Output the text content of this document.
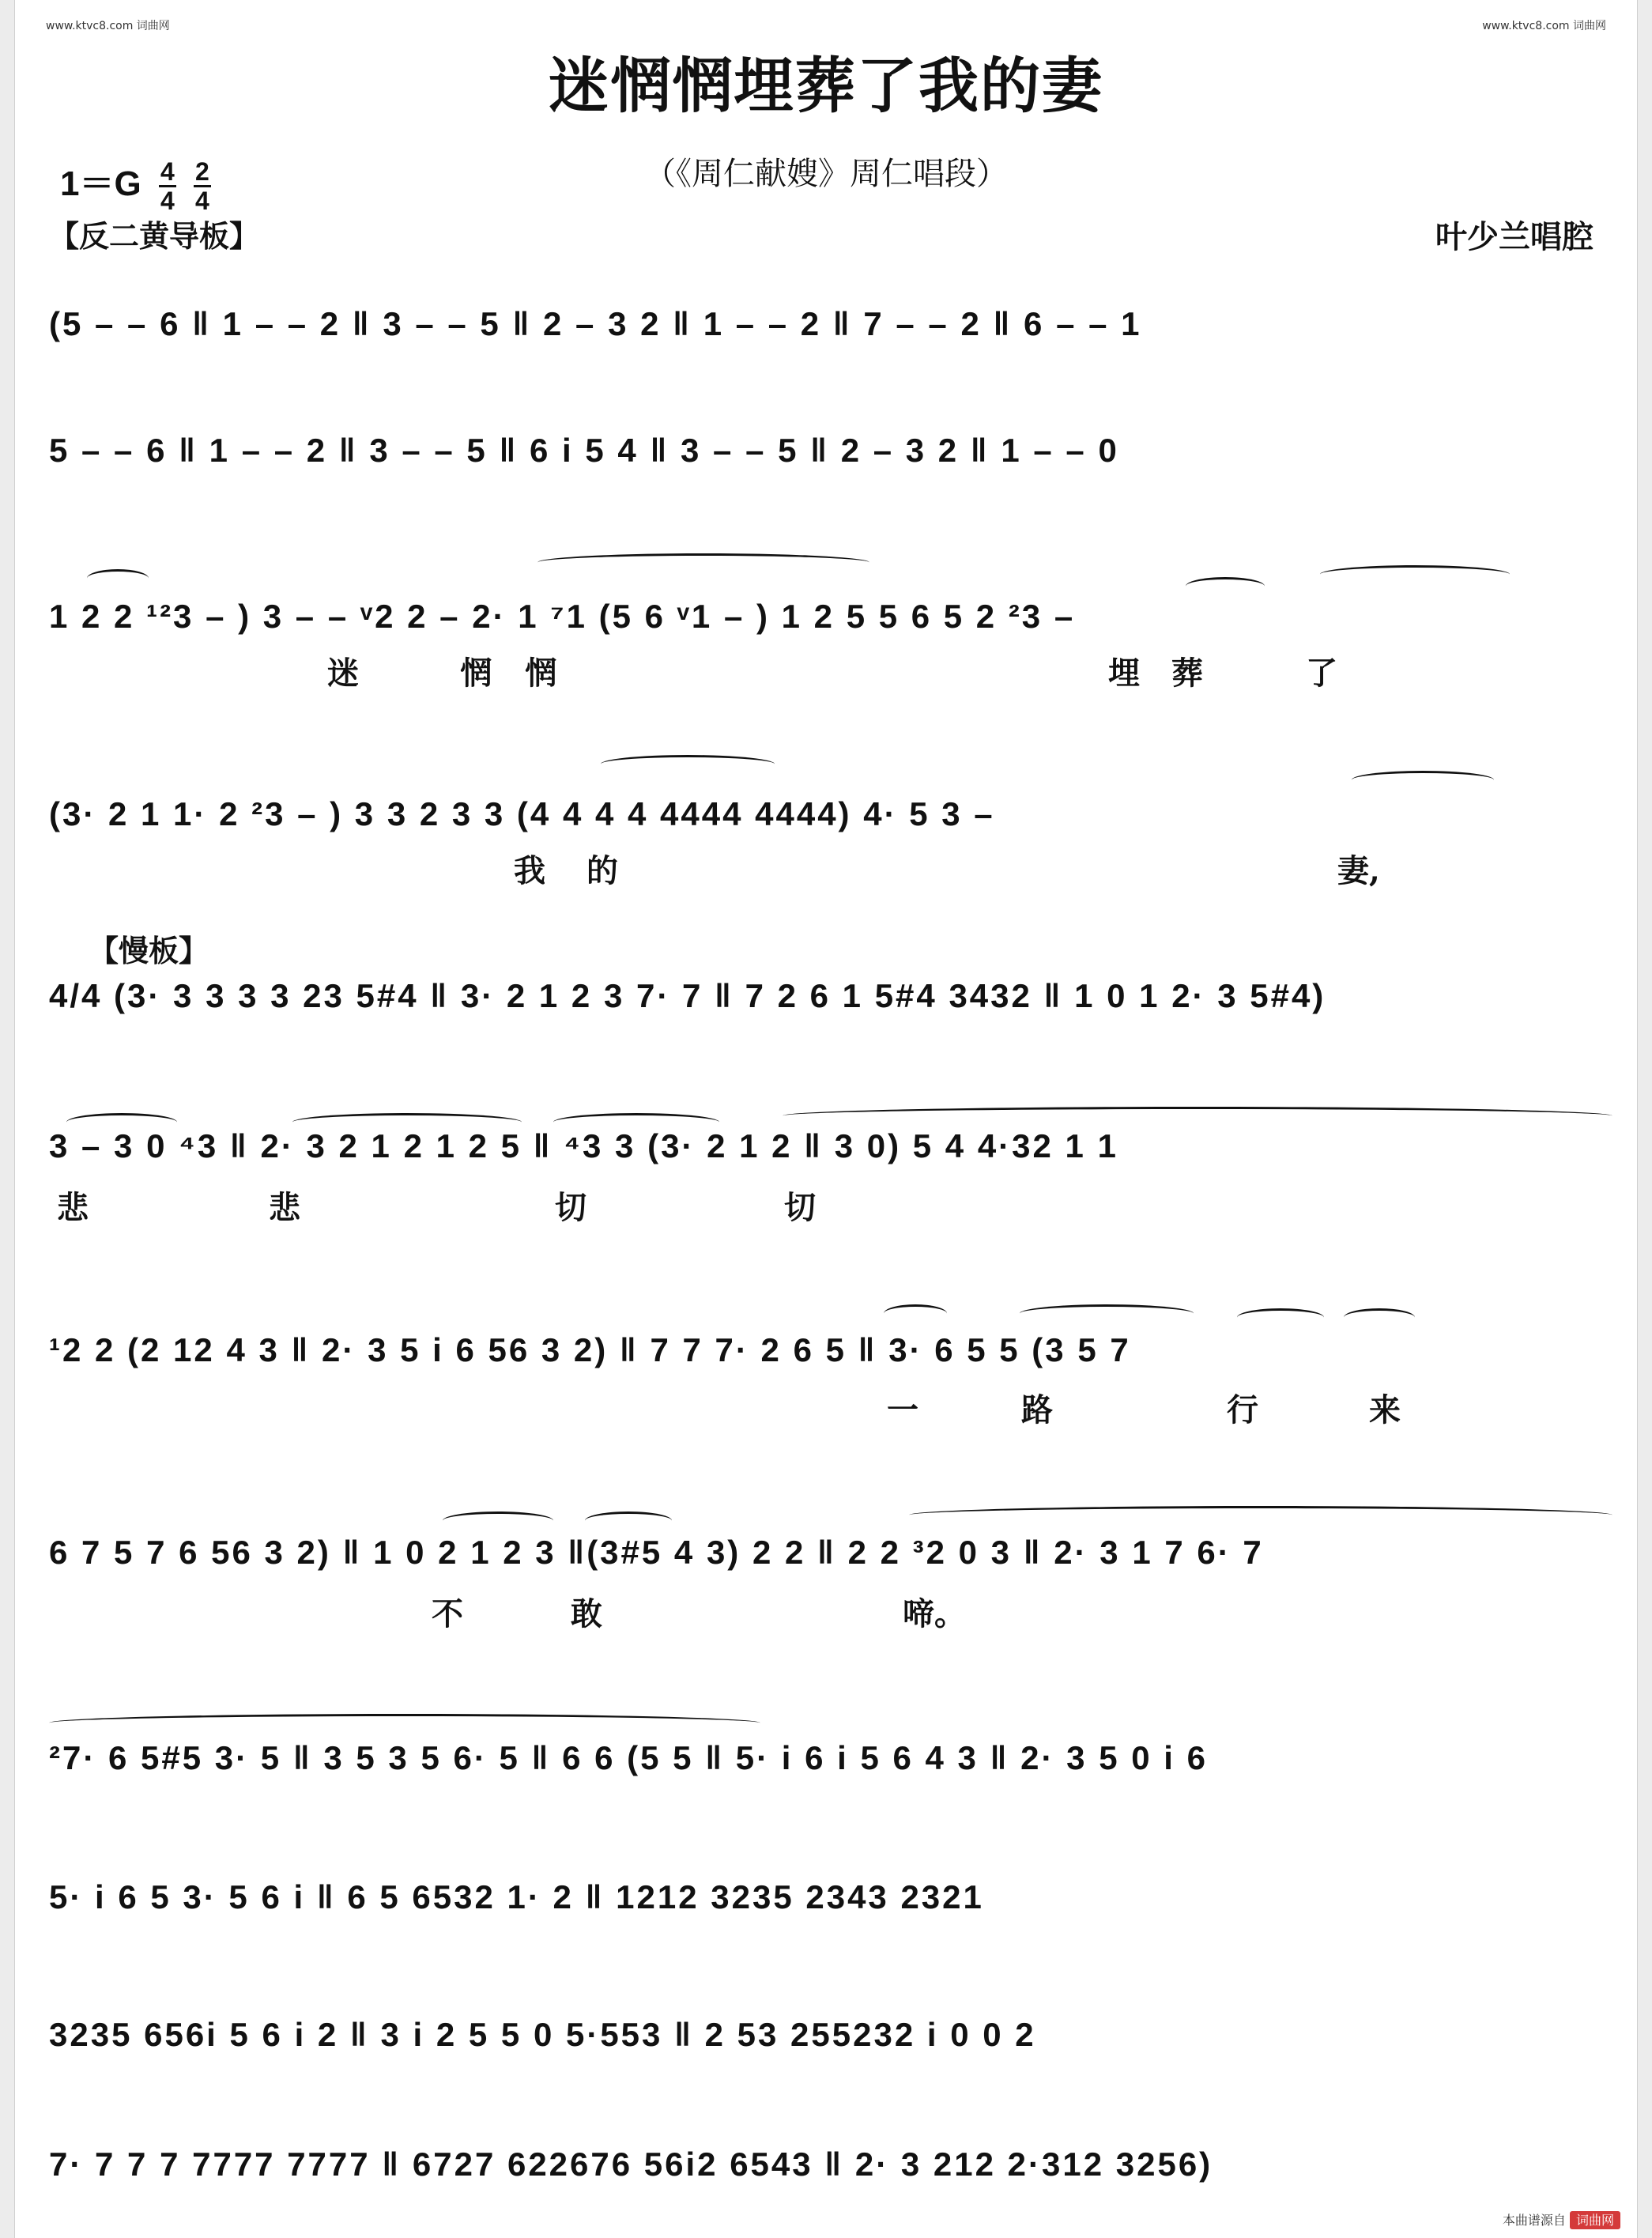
www.ktvc8.com 词曲网	www.ktvc8.com 词曲网
迷惘惘埋葬了我的妻
（《周仁献嫂》周仁唱段）
$1=G \frac{4}{4}$
$\frac{2}{4}$
【反二黄导板】	叶少兰唱腔
(5 – – 6 ‖ 1 – – 2 ‖ 3 – – 5 ‖ 2 – 3 2 ‖ 1 – – 2 ‖ 7 – – 2 ‖ 6 – – 1
5 – – 6 ‖ 1 – – 2 ‖ 3 – – 5 ‖ 6 i 5 4 ‖ 3 – – 5 ‖ 2 – 3 2 ‖ 1 – – 0
1 2 2 ¹²3 – ) 3 – – ᵛ2 2 – 2· 1 ⁷1 (5 6 ᵛ1 – ) 1 2 5 5 6 5 2 ²3 –
迷	惘 惘	埋 葬	了
(3· 2 1 1· 2 ²3 – ) 3 3 2 3 3 (4 4 4 4 4444 4444) 4· 5 3 –
我 的	妻,
【慢板】
4/4 (3· 3 3 3 3 23 5#4 ‖ 3· 2 1 2 3 7· 7 ‖ 7 2 6 1 5#4 3432 ‖ 1 0 1 2· 3 5#4)
3 – 3 0 ⁴3 ‖ 2· 3 2 1 2 1 2 5 ‖ ⁴3 3 (3· 2 1 2 ‖ 3 0) 5 4 4·32 1 1
悲	悲	切	切
¹2 2 (2 12 4 3 ‖ 2· 3 5 i 6 56 3 2) ‖ 7 7 7· 2 6 5 ‖ 3· 6 5 5 (3 5 7
一	路	行	来
6 7 5 7 6 56 3 2) ‖ 1 0 2 1 2 3 ‖(3#5 4 3) 2 2 ‖ 2 2 ³2 0 3 ‖ 2· 3 1 7 6· 7
不	敢	啼。
²7· 6 5#5 3· 5 ‖ 3 5 3 5 6· 5 ‖ 6 6 (5 5 ‖ 5· i 6 i 5 6 4 3 ‖ 2· 3 5 0 i 6
5· i 6 5 3· 5 6 i ‖ 6 5 6532 1· 2 ‖ 1212 3235 2343 2321
3235 656i 5 6 i 2 ‖ 3 i 2 5 5 0 5·553 ‖ 2 53 255232 i 0 0 2
7· 7 7 7 7777 7777 ‖ 6727 622676 56i2 6543 ‖ 2· 3 212 2·312 3256)
本曲谱源自 词曲网
